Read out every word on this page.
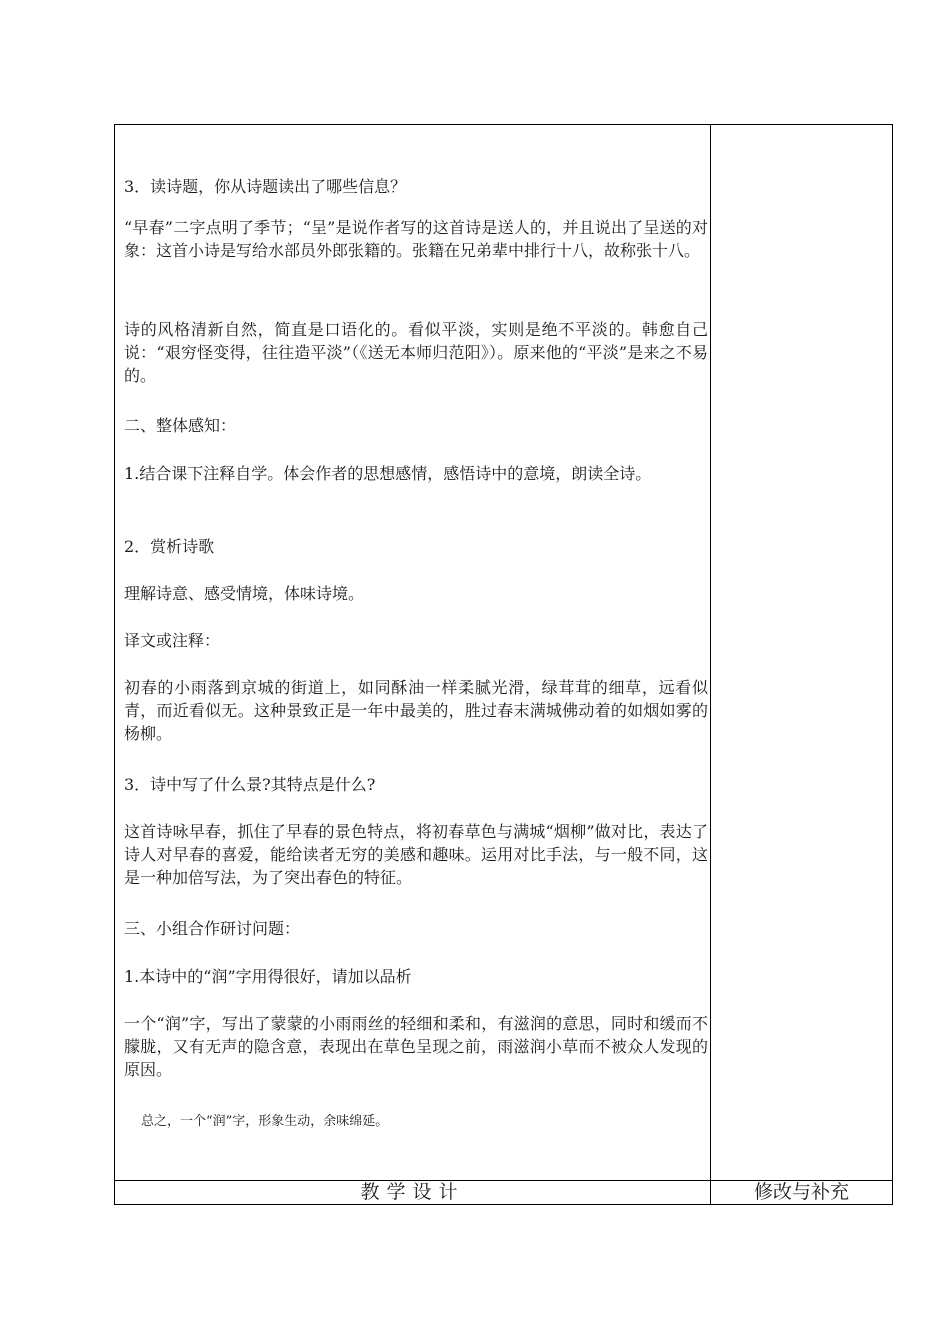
3．读诗题，你从诗题读出了哪些信息？

“早春”二字点明了季节；“呈”是说作者写的这首诗是送人的，并且说出了呈送的对象：这首小诗是写给水部员外郎张籍的。张籍在兄弟辈中排行十八，故称张十八。

诗的风格清新自然，简直是口语化的。看似平淡，实则是绝不平淡的。韩愈自己说：“艰穷怪变得，往往造平淡”（《送无本师归范阳》）。原来他的“平淡”是来之不易的。

二、整体感知：

1.结合课下注释自学。体会作者的思想感情，感悟诗中的意境，朗读全诗。

2．赏析诗歌

理解诗意、感受情境，体味诗境。

译文或注释：

初春的小雨落到京城的街道上，如同酥油一样柔腻光滑，绿茸茸的细草，远看似青，而近看似无。这种景致正是一年中最美的，胜过春末满城佛动着的如烟如雾的杨柳。

3．诗中写了什么景?其特点是什么?

这首诗咏早春，抓住了早春的景色特点，将初春草色与满城“烟柳”做对比，表达了诗人对早春的喜爱，能给读者无穷的美感和趣味。运用对比手法，与一般不同，这是一种加倍写法，为了突出春色的特征。

三、小组合作研讨问题：

1.本诗中的“润”字用得很好，请加以品析

一个“润”字，写出了蒙蒙的小雨雨丝的轻细和柔和，有滋润的意思，同时和缓而不朦胧，又有无声的隐含意，表现出在草色呈现之前，雨滋润小草而不被众人发现的原因。

总之，一个“润”字，形象生动，余味绵延。

教学设计	修改与补充
